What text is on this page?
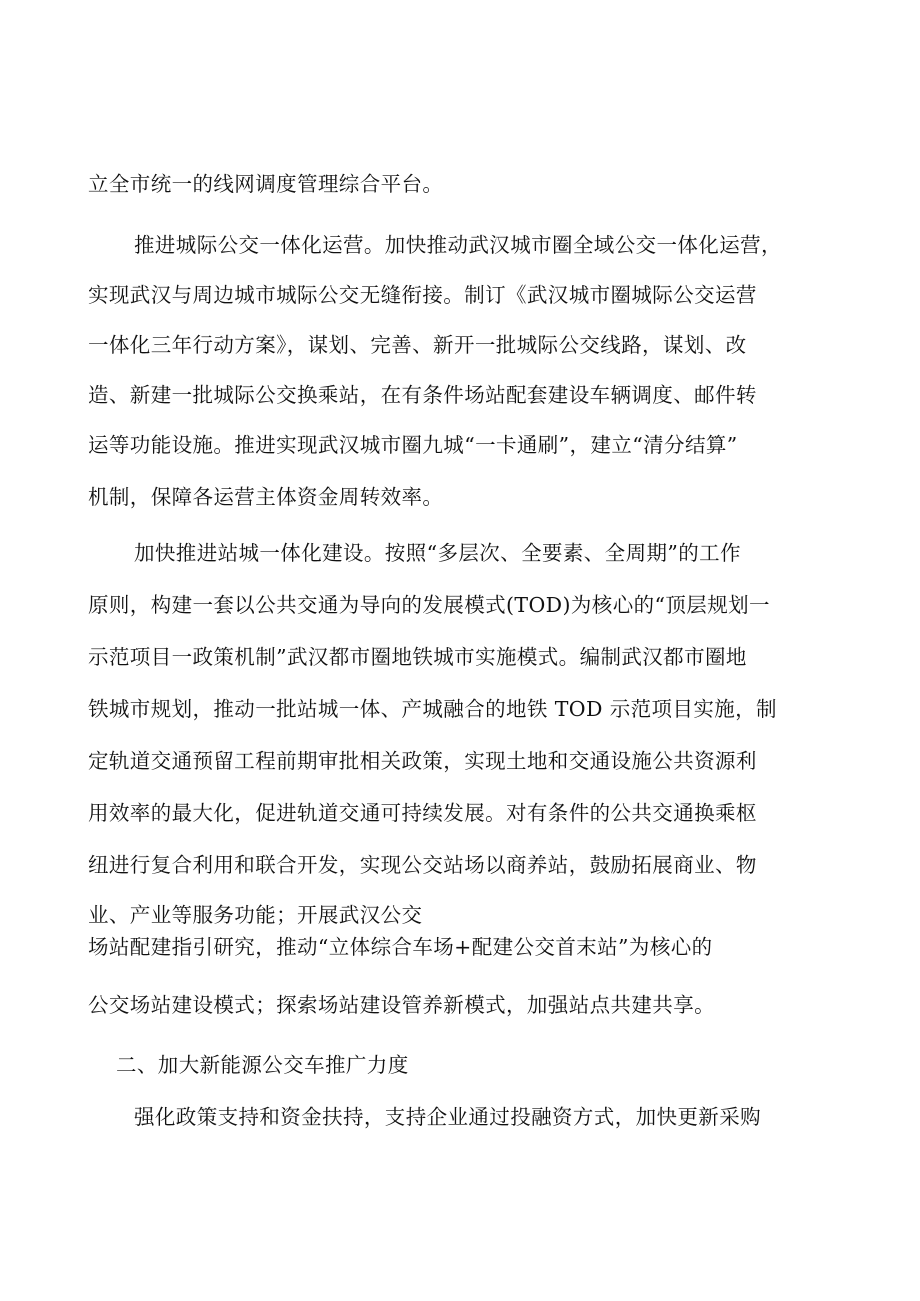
立全市统一的线网调度管理综合平台。
推进城际公交一体化运营。加快推动武汉城市圈全域公交一体化运营，
实现武汉与周边城市城际公交无缝衔接。制订《武汉城市圈城际公交运营
一体化三年行动方案》，谋划、完善、新开一批城际公交线路，谋划、改
造、新建一批城际公交换乘站，在有条件场站配套建设车辆调度、邮件转
运等功能设施。推进实现武汉城市圈九城“一卡通刷”，建立“清分结算”
机制，保障各运营主体资金周转效率。
加快推进站城一体化建设。按照“多层次、全要素、全周期”的工作
原则，构建一套以公共交通为导向的发展模式(TOD)为核心的“顶层规划一
示范项目一政策机制”武汉都市圈地铁城市实施模式。编制武汉都市圈地
铁城市规划，推动一批站城一体、产城融合的地铁 TOD 示范项目实施，制
定轨道交通预留工程前期审批相关政策，实现土地和交通设施公共资源利
用效率的最大化，促进轨道交通可持续发展。对有条件的公共交通换乘枢
纽进行复合利用和联合开发，实现公交站场以商养站，鼓励拓展商业、物
业、产业等服务功能；开展武汉公交
场站配建指引研究，推动“立体综合车场+配建公交首末站”为核心的
公交场站建设模式；探索场站建设管养新模式，加强站点共建共享。
二、加大新能源公交车推广力度
强化政策支持和资金扶持，支持企业通过投融资方式，加快更新采购
